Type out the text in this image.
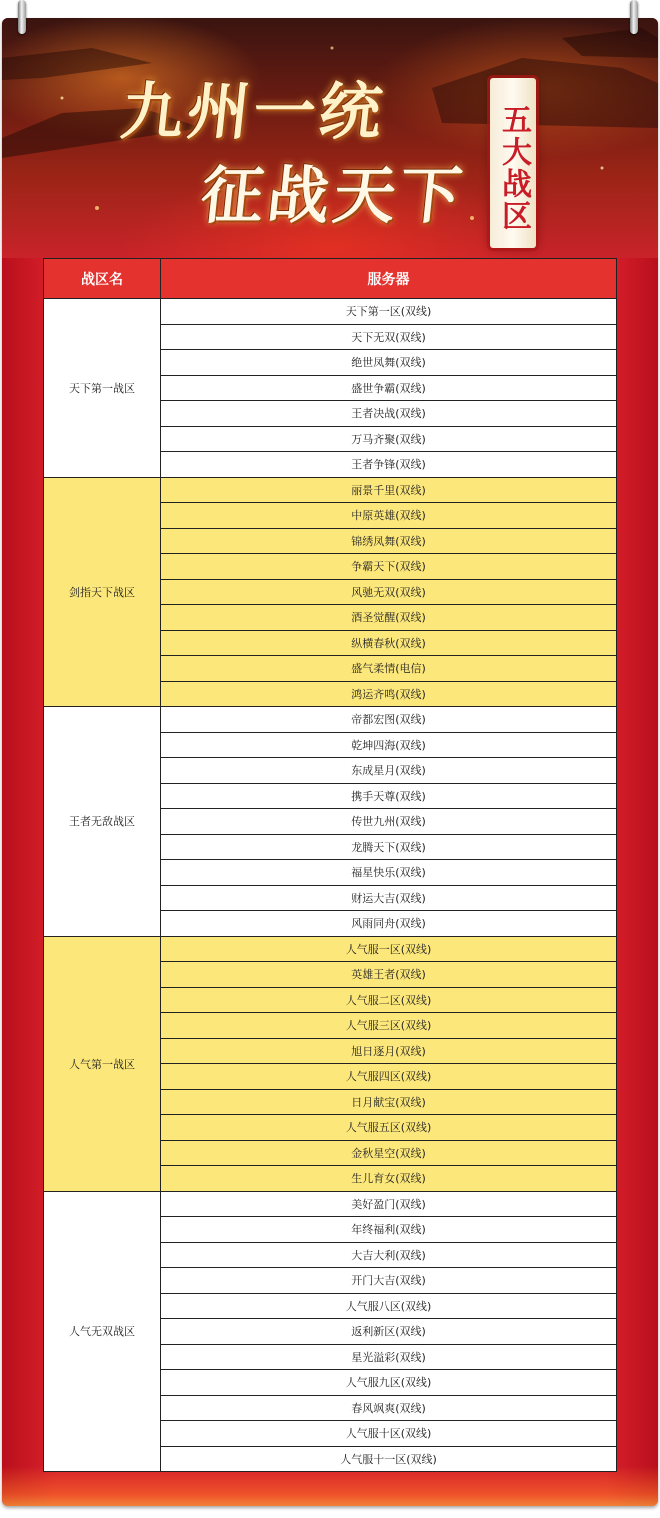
九州一统
征战天下 五大战区
战区名	服务器
天下第一战区	天下第一区(双线)
	天下无双(双线)
	绝世凤舞(双线)
	盛世争霸(双线)
	王者决战(双线)
	万马齐聚(双线)
	王者争锋(双线)
剑指天下战区	丽景千里(双线)
	中原英雄(双线)
	锦绣凤舞(双线)
	争霸天下(双线)
	风驰无双(双线)
	酒圣觉醒(双线)
	纵横春秋(双线)
	盛气柔情(电信)
	鸿运齐鸣(双线)
王者无敌战区	帝都宏图(双线)
	乾坤四海(双线)
	东成星月(双线)
	携手天尊(双线)
	传世九州(双线)
	龙腾天下(双线)
	福星快乐(双线)
	财运大吉(双线)
	风雨同舟(双线)
人气第一战区	人气服一区(双线)
	英雄王者(双线)
	人气服二区(双线)
	人气服三区(双线)
	旭日逐月(双线)
	人气服四区(双线)
	日月献宝(双线)
	人气服五区(双线)
	金秋星空(双线)
	生儿育女(双线)
人气无双战区	美好盈门(双线)
	年终福利(双线)
	大吉大利(双线)
	开门大吉(双线)
	人气服八区(双线)
	返利新区(双线)
	星光溢彩(双线)
	人气服九区(双线)
	春风飒爽(双线)
	人气服十区(双线)
	人气服十一区(双线)
